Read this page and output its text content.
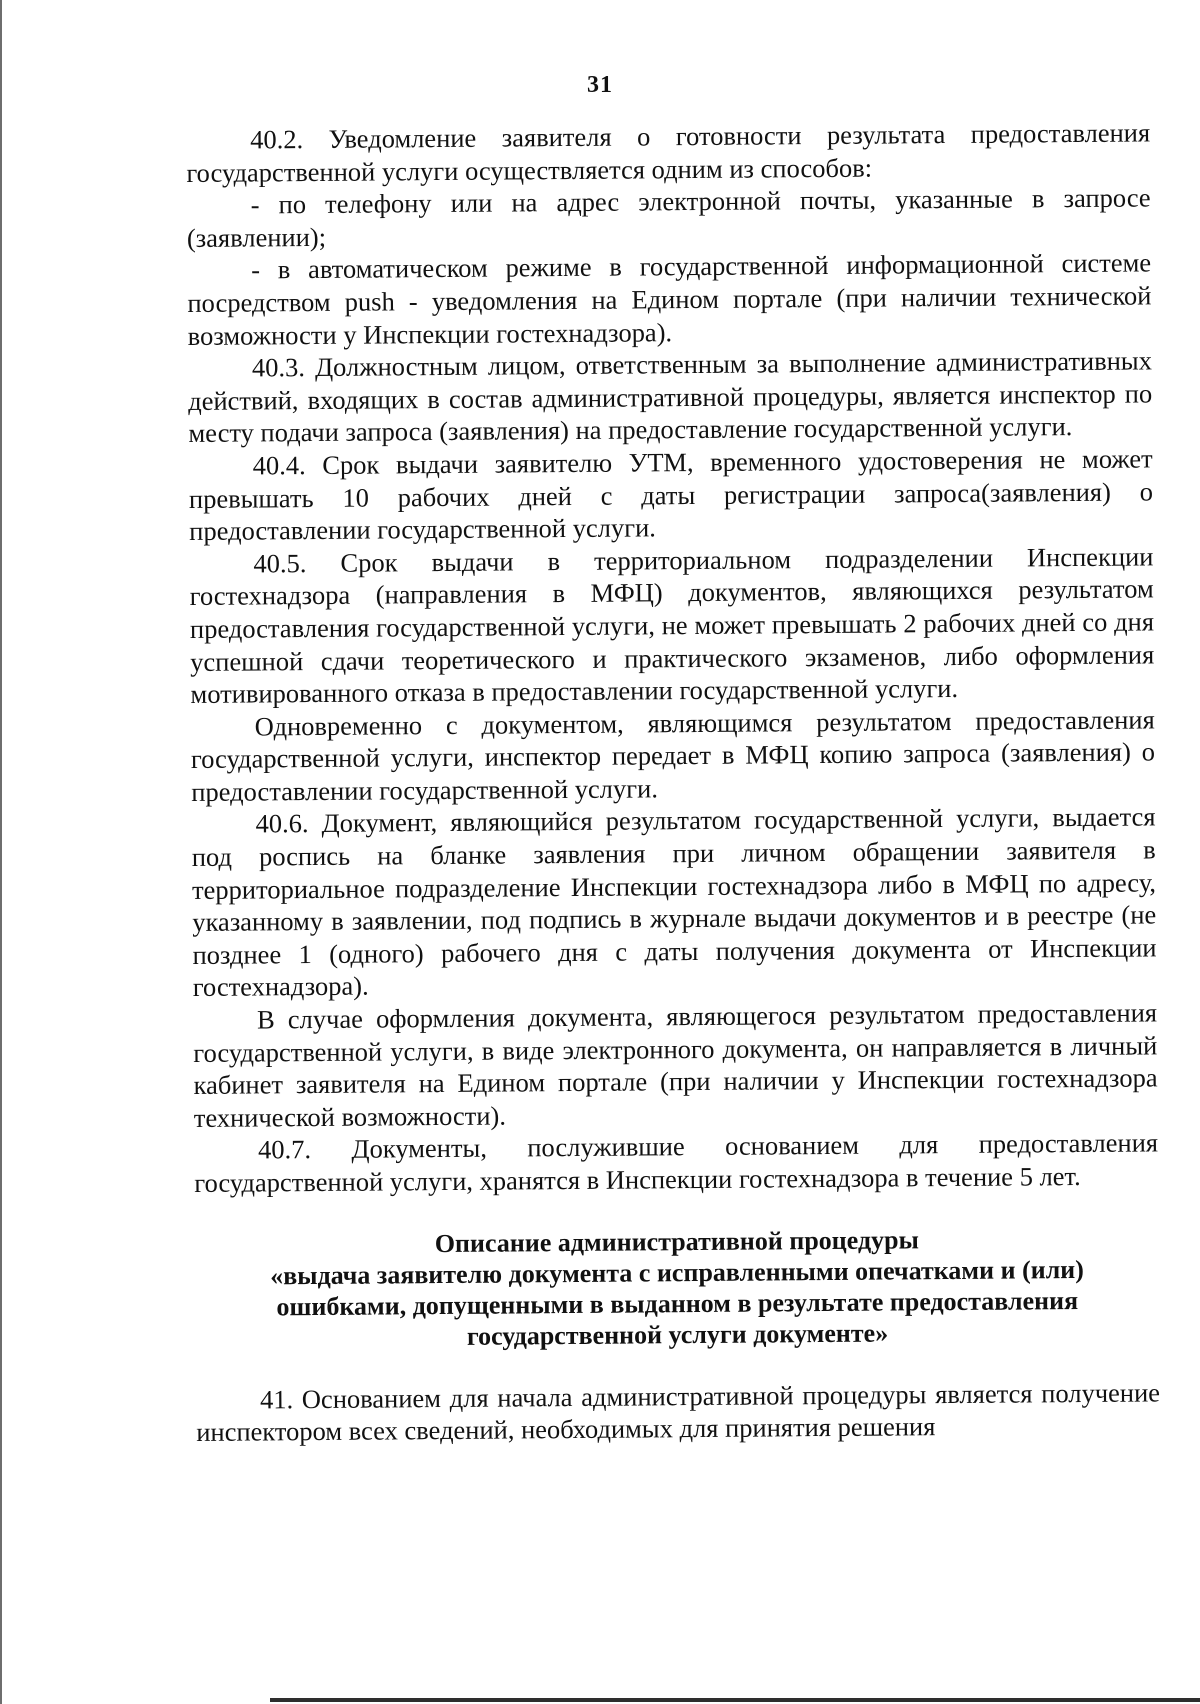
31

40.2. Уведомление заявителя о готовности результата предоставления государственной услуги осуществляется одним из способов:

- по телефону или на адрес электронной почты, указанные в запросе (заявлении);

- в автоматическом режиме в государственной информационной системе посредством push - уведомления на Едином портале (при наличии технической возможности у Инспекции гостехнадзора).

40.3. Должностным лицом, ответственным за выполнение административных действий, входящих в состав административной процедуры, является инспектор по месту подачи запроса (заявления) на предоставление государственной услуги.

40.4. Срок выдачи заявителю УТМ, временного удостоверения не может превышать 10 рабочих дней с даты регистрации запроса(заявления) о предоставлении государственной услуги.

40.5. Срок выдачи в территориальном подразделении Инспекции гостехнадзора (направления в МФЦ) документов, являющихся результатом предоставления государственной услуги, не может превышать 2 рабочих дней со дня успешной сдачи теоретического и практического экзаменов, либо оформления мотивированного отказа в предоставлении государственной услуги.

Одновременно с документом, являющимся результатом предоставления государственной услуги, инспектор передает в МФЦ копию запроса (заявления) о предоставлении государственной услуги.

40.6. Документ, являющийся результатом государственной услуги, выдается под роспись на бланке заявления при личном обращении заявителя в территориальное подразделение Инспекции гостехнадзора либо в МФЦ по адресу, указанному в заявлении, под подпись в журнале выдачи документов и в реестре (не позднее 1 (одного) рабочего дня с даты получения документа от Инспекции гостехнадзора).

В случае оформления документа, являющегося результатом предоставления государственной услуги, в виде электронного документа, он направляется в личный кабинет заявителя на Едином портале (при наличии у Инспекции гостехнадзора технической возможности).

40.7. Документы, послужившие основанием для предоставления государственной услуги, хранятся в Инспекции гостехнадзора в течение 5 лет.

Описание административной процедуры
«выдача заявителю документа с исправленными опечатками и (или)
ошибками, допущенными в выданном в результате предоставления
государственной услуги документе»

41. Основанием для начала административной процедуры является получение инспектором всех сведений, необходимых для принятия решения
